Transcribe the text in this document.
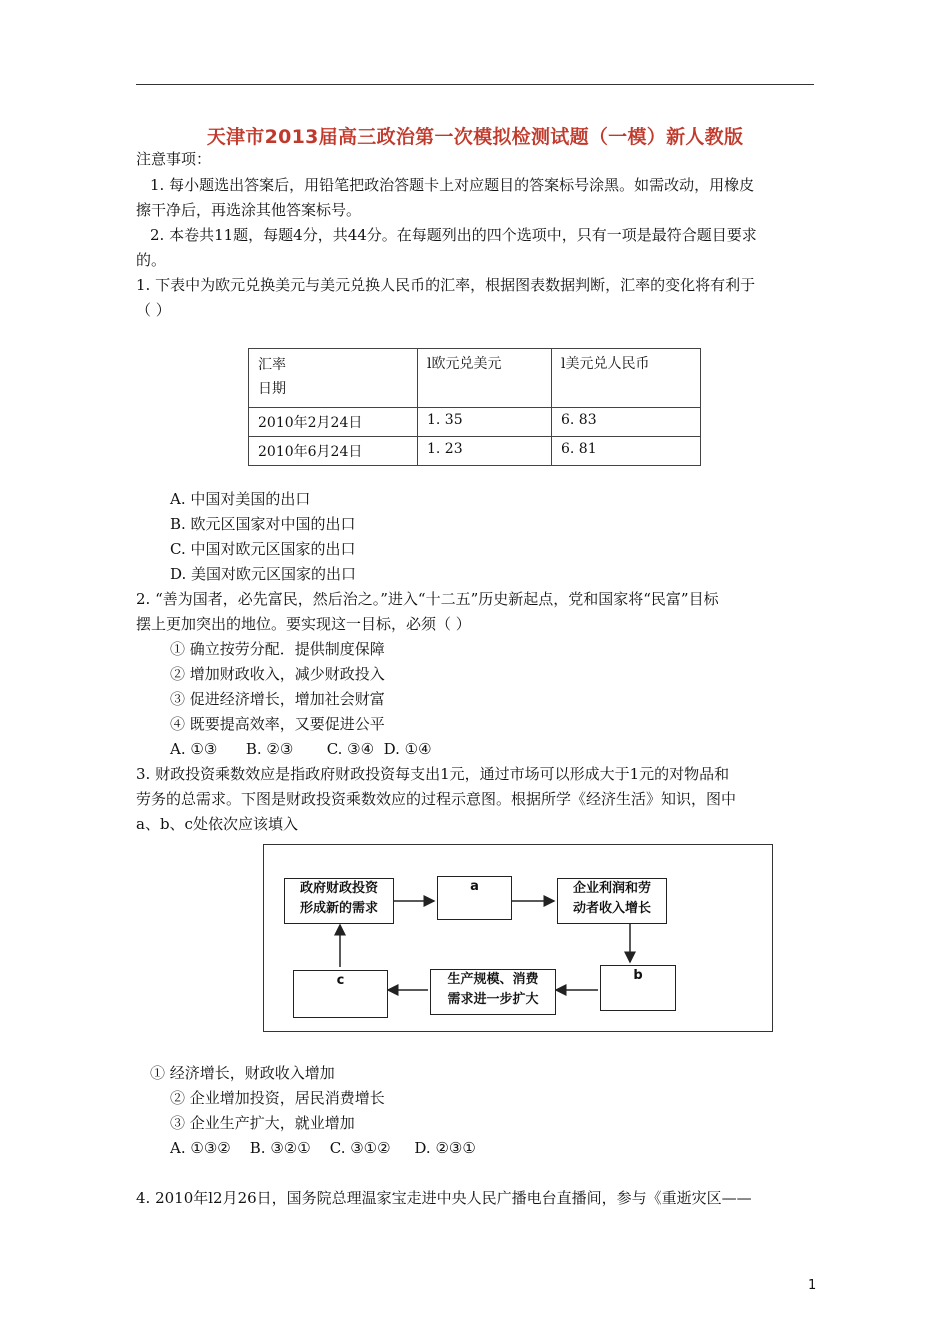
天津市2013届高三政治第一次模拟检测试题（一模）新人教版
注意事项：
1. 每小题选出答案后，用铅笔把政治答题卡上对应题目的答案标号涂黑。如需改动，用橡皮
擦干净后，再选涂其他答案标号。
2. 本卷共11题，每题4分，共44分。在每题列出的四个选项中，只有一项是最符合题目要求
的。
1. 下表中为欧元兑换美元与美元兑换人民币的汇率，根据图表数据判断，汇率的变化将有利于
（ ）
汇率
日期	l欧元兑美元	l美元兑人民币
2010年2月24日	1. 35	6. 83
2010年6月24日	1. 23	6. 81
A. 中国对美国的出口
B. 欧元区国家对中国的出口
C. 中国对欧元区国家的出口
D. 美国对欧元区国家的出口
2. “善为国者，必先富民，然后治之。”进入“十二五”历史新起点，党和国家将“民富”目标
摆上更加突出的地位。要实现这一目标，必须（ ）
① 确立按劳分配．提供制度保障
② 增加财政收入，减少财政投入
③ 促进经济增长，增加社会财富
④ 既要提高效率，又要促进公平
A. ①③      B. ②③       C. ③④  D. ①④
3. 财政投资乘数效应是指政府财政投资每支出1元，通过市场可以形成大于1元的对物品和
劳务的总需求。下图是财政投资乘数效应的过程示意图。根据所学《经济生活》知识，图中
a、b、c处依次应该填入
政府财政投资
形成新的需求
a	企业利润和劳
动者收入增长
b
生产规模、消费
需求进一步扩大
c
① 经济增长，财政收入增加
② 企业增加投资，居民消费增长
③ 企业生产扩大，就业增加
A. ①③②    B. ③②①    C. ③①②     D. ②③①
4. 2010年l2月26日，国务院总理温家宝走进中央人民广播电台直播间，参与《重逝灾区——
1
